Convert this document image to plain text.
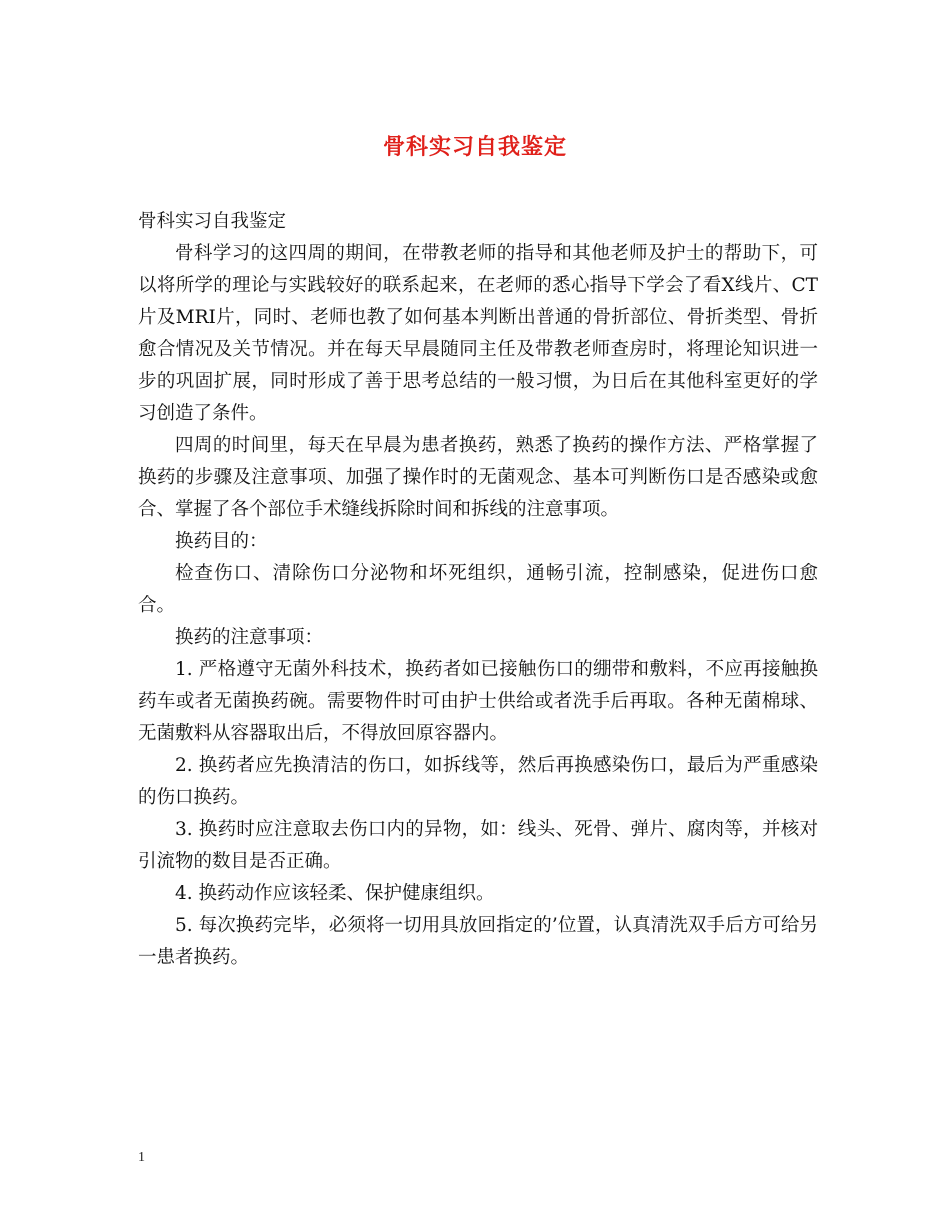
骨科实习自我鉴定

骨科实习自我鉴定

骨科学习的这四周的期间，在带教老师的指导和其他老师及护士的帮助下，可以将所学的理论与实践较好的联系起来，在老师的悉心指导下学会了看X线片、CT片及MRI片，同时、老师也教了如何基本判断出普通的骨折部位、骨折类型、骨折愈合情况及关节情况。并在每天早晨随同主任及带教老师查房时，将理论知识进一步的巩固扩展，同时形成了善于思考总结的一般习惯，为日后在其他科室更好的学习创造了条件。

四周的时间里，每天在早晨为患者换药，熟悉了换药的操作方法、严格掌握了换药的步骤及注意事项、加强了操作时的无菌观念、基本可判断伤口是否感染或愈合、掌握了各个部位手术缝线拆除时间和拆线的注意事项。

换药目的：

检查伤口、清除伤口分泌物和坏死组织，通畅引流，控制感染，促进伤口愈合。

换药的注意事项：

1. 严格遵守无菌外科技术，换药者如已接触伤口的绷带和敷料，不应再接触换药车或者无菌换药碗。需要物件时可由护士供给或者洗手后再取。各种无菌棉球、无菌敷料从容器取出后，不得放回原容器内。

2. 换药者应先换清洁的伤口，如拆线等，然后再换感染伤口，最后为严重感染的伤口换药。

3. 换药时应注意取去伤口内的异物，如：线头、死骨、弹片、腐肉等，并核对引流物的数目是否正确。

4. 换药动作应该轻柔、保护健康组织。

5. 每次换药完毕，必须将一切用具放回指定的’位置，认真清洗双手后方可给另一患者换药。

1
